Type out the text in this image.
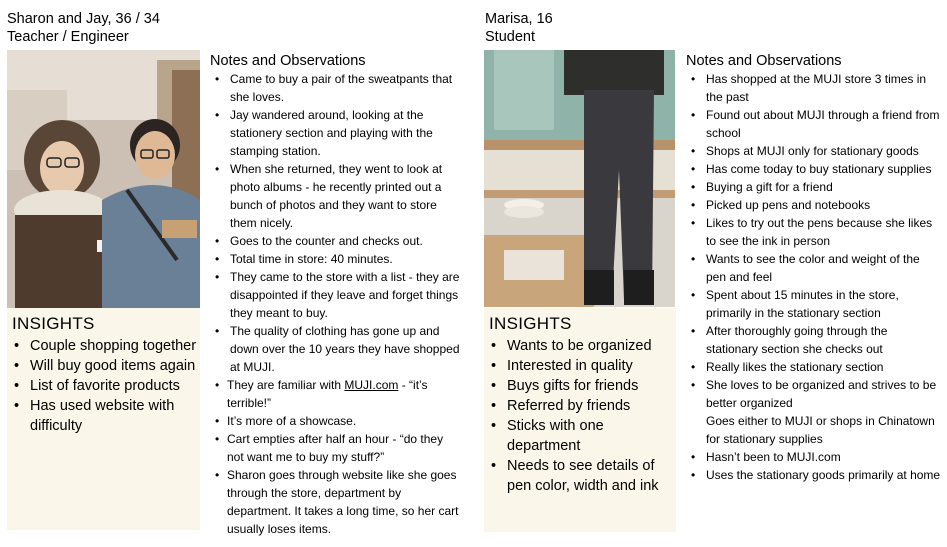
Sharon and Jay, 36 / 34
Teacher / Engineer
INSIGHTS
• Couple shopping together
• Will buy good items again
• List of favorite products
• Has used website with difficulty
Notes and Observations
• Came to buy a pair of the sweatpants that she loves.
• Jay wandered around, looking at the stationery section and playing with the stamping station.
• When she returned, they went to look at photo albums - he recently printed out a bunch of photos and they want to store them nicely.
• Goes to the counter and checks out.
• Total time in store: 40 minutes.
• They came to the store with a list - they are disappointed if they leave and forget things they meant to buy.
• The quality of clothing has gone up and down over the 10 years they have shopped at MUJI.
• They are familiar with MUJI.com - “it’s terrible!”
• It’s more of a showcase.
• Cart empties after half an hour - “do they not want me to buy my stuff?”
• Sharon goes through website like she goes through the store, department by department. It takes a long time, so her cart usually loses items.
Marisa, 16
Student
INSIGHTS
• Wants to be organized
• Interested in quality
• Buys gifts for friends
• Referred by friends
• Sticks with one department
• Needs to see details of pen color, width and ink
Notes and Observations
• Has shopped at the MUJI store 3 times in the past
• Found out about MUJI through a friend from school
• Shops at MUJI only for stationary goods
• Has come today to buy stationary supplies
• Buying a gift for a friend
• Picked up pens and notebooks
• Likes to try out the pens because she likes to see the ink in person
• Wants to see the color and weight of the pen and feel
• Spent about 15 minutes in the store, primarily in the stationary section
• After thoroughly going through the stationary section she checks out
• Really likes the stationary section
• She loves to be organized and strives to be better organized
Goes either to MUJI or shops in Chinatown for stationary supplies
• Hasn’t been to MUJI.com
• Uses the stationary goods primarily at home
